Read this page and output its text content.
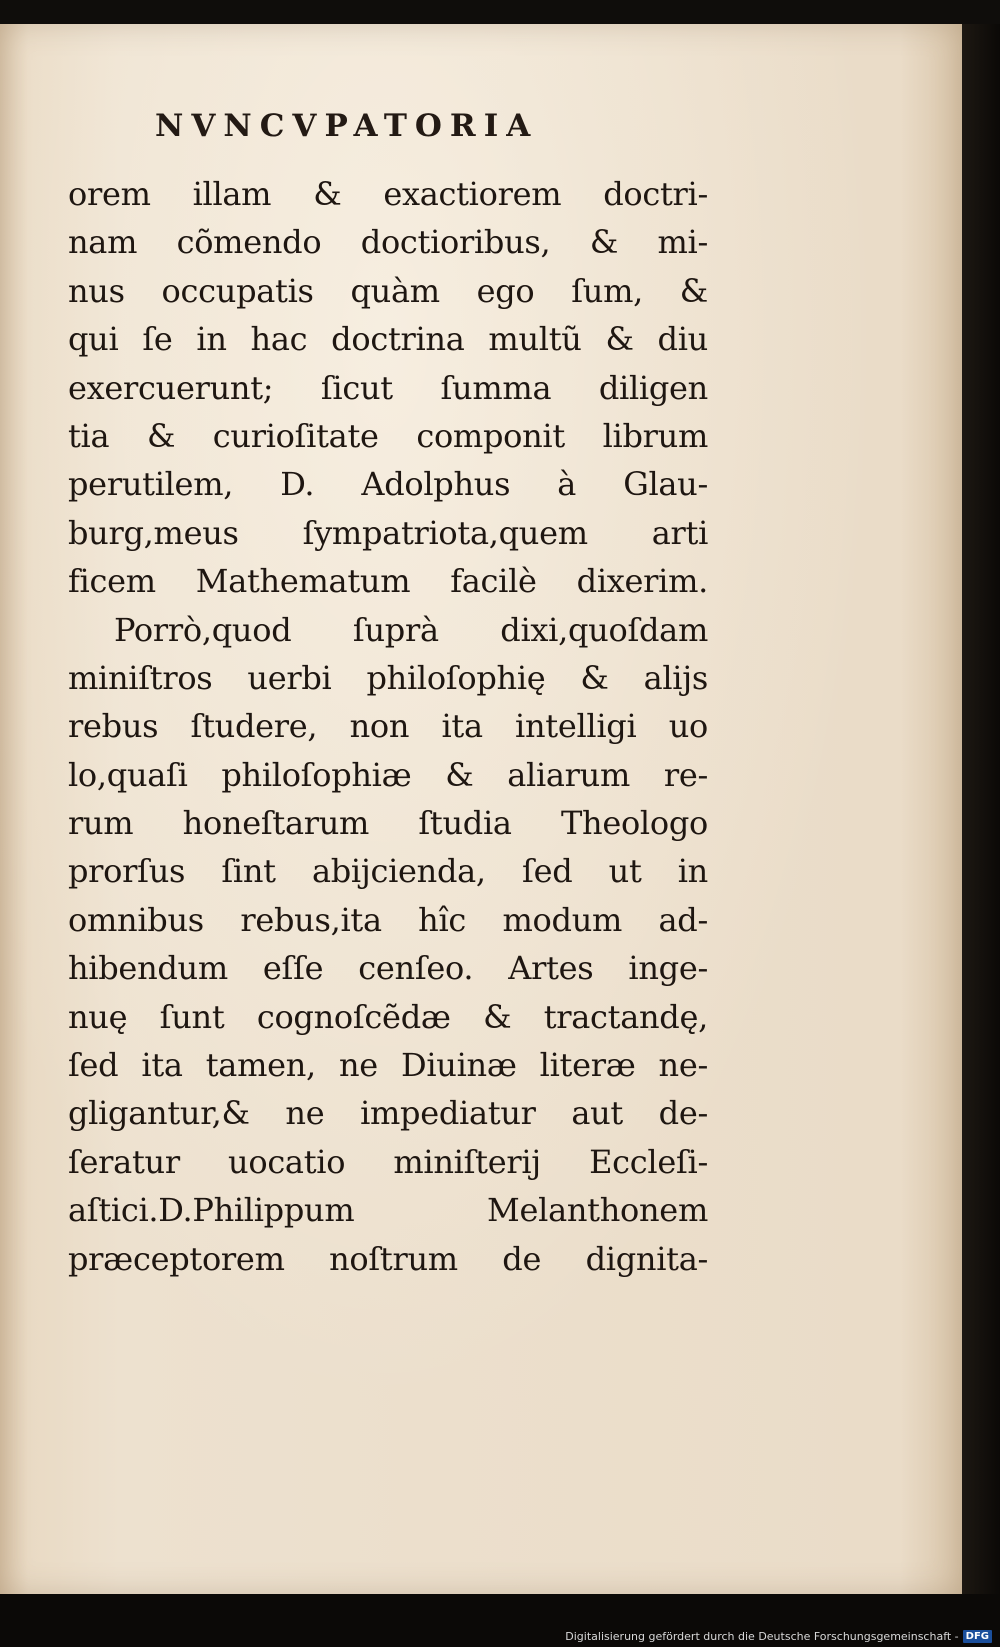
NVNCVPATORIA
orem illam & exactiorem doctri-
nam cõmendo doctioribus, & mi-
nus occupatis quàm ego ſum, &
qui ſe in hac doctrina multũ & diu
exercuerunt; ſicut ſumma diligen
tia & curioſitate componit librum
perutilem, D. Adolphus à Glau-
burg,meus ſympatriota,quem arti
ficem Mathematum facilè dixerim.
Porrò,quod ſuprà dixi,quoſdam
miniſtros uerbi philoſophię & alijs
rebus ſtudere, non ita intelligi uo
lo,quaſi philoſophiæ & aliarum re-
rum honeſtarum ſtudia Theologo
prorſus ſint abijcienda, ſed ut in
omnibus rebus,ita hîc modum ad-
hibendum eſſe cenſeo. Artes inge-
nuę ſunt cognoſcẽdæ & tractandę,
ſed ita tamen, ne Diuinæ literæ ne-
gligantur,& ne impediatur aut de-
ſeratur uocatio miniſterij Eccleſi-
aſtici.D.Philippum Melanthonem
præceptorem noſtrum de dignita-
Digitalisierung gefördert durch die Deutsche Forschungsgemeinschaft - DFG
